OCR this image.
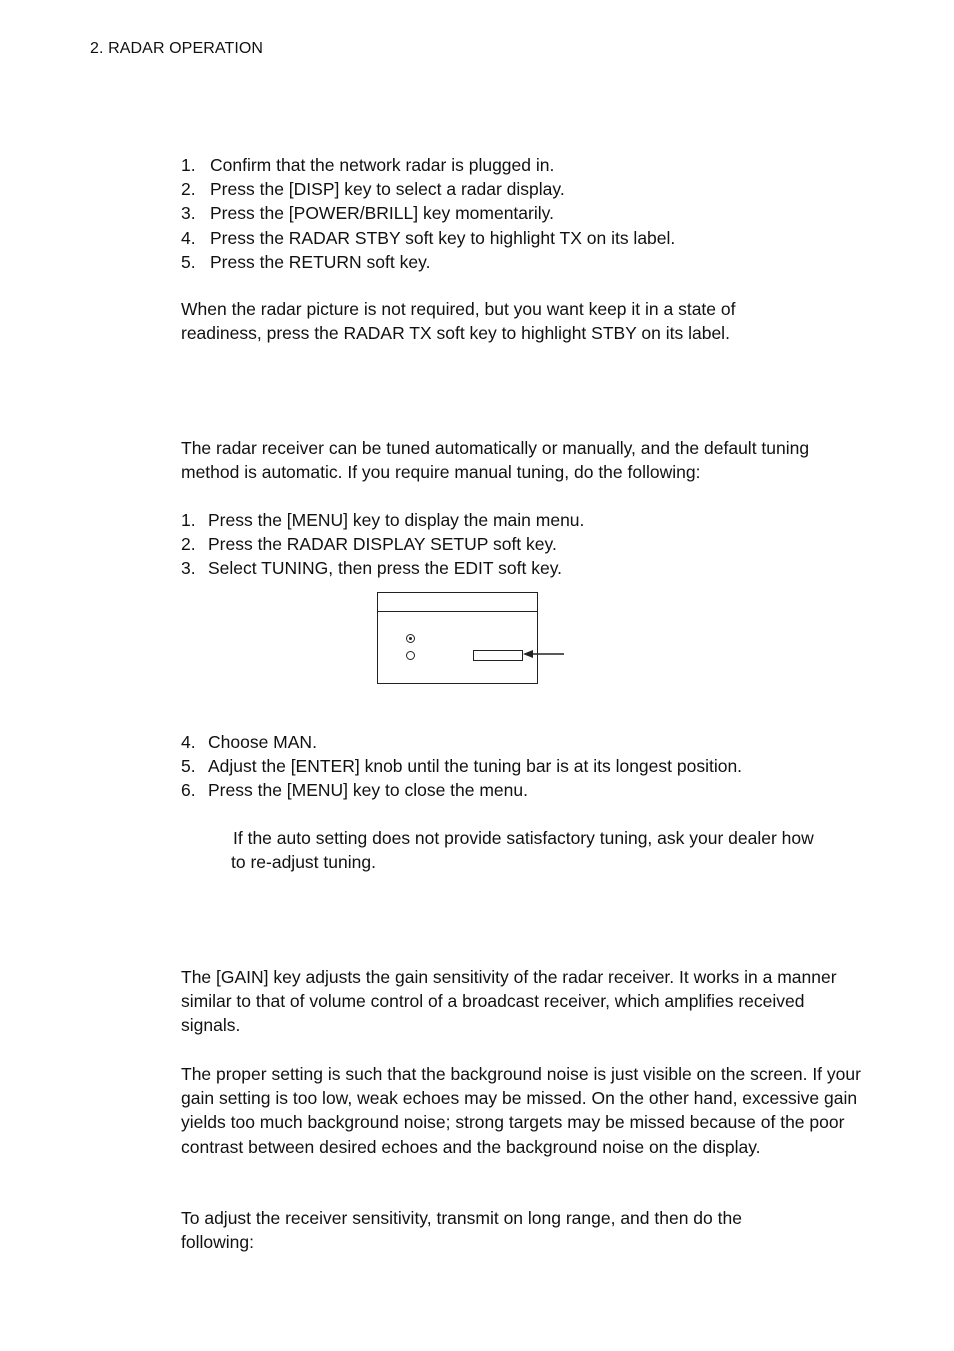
2. RADAR OPERATION
1. Confirm that the network radar is plugged in.
2. Press the [DISP] key to select a radar display.
3. Press the [POWER/BRILL] key momentarily.
4. Press the RADAR STBY soft key to highlight TX on its label.
5. Press the RETURN soft key.

When the radar picture is not required, but you want keep it in a state of readiness, press the RADAR TX soft key to highlight STBY on its label.

The radar receiver can be tuned automatically or manually, and the default tuning method is automatic. If you require manual tuning, do the following:

1. Press the [MENU] key to display the main menu.
2. Press the RADAR DISPLAY SETUP soft key.
3. Select TUNING, then press the EDIT soft key.
4. Choose MAN.
5. Adjust the [ENTER] knob until the tuning bar is at its longest position.
6. Press the [MENU] key to close the menu.

If the auto setting does not provide satisfactory tuning, ask your dealer how to re-adjust tuning.

The [GAIN] key adjusts the gain sensitivity of the radar receiver. It works in a manner similar to that of volume control of a broadcast receiver, which amplifies received signals.

The proper setting is such that the background noise is just visible on the screen. If your gain setting is too low, weak echoes may be missed. On the other hand, excessive gain yields too much background noise; strong targets may be missed because of the poor contrast between desired echoes and the background noise on the display.

To adjust the receiver sensitivity, transmit on long range, and then do the following:
